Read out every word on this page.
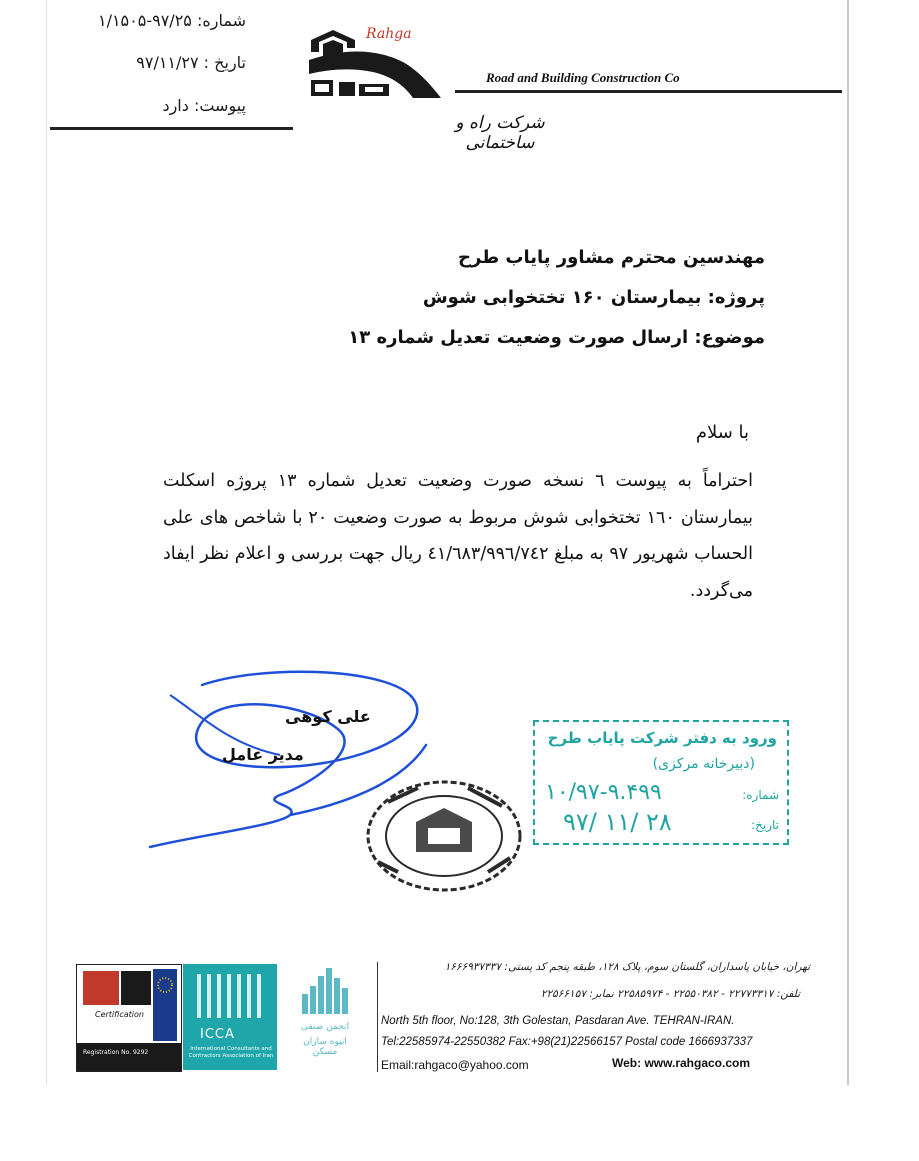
شماره: ۹۷/۲۵-۱/۱۵۰۵
تاریخ : ۹۷/۱۱/۲۷
پیوست: دارد
Rahga
Road and Building Construction Co
شرکت راه و ساختمانی
مهندسین محترم مشاور پایاب طرح
پروژه: بیمارستان ۱۶۰ تختخوابی شوش
موضوع: ارسال صورت وضعیت تعدیل شماره ۱۳
با سلام
احتراماً به پیوست ٦ نسخه صورت وضعیت تعدیل شماره ۱۳ پروژه اسکلت بیمارستان ۱٦۰ تختخوابی شوش مربوط به صورت وضعیت ۲۰ با شاخص های علی الحساب شهریور ۹۷ به مبلغ ٤۱/٦۸۳/۹۹٦/۷٤۲ ریال جهت بررسی و اعلام نظر ایفاد می‌گردد.
علی کوهی
مدیر عامل
ورود به دفتر شرکت پایاب طرح
(دبیرخانه مرکزی)
شماره:
تاریخ:
۱۰/۹۷-۹.۴۹۹
۹۷/ ۱۱/ ۲۸
Certification
Registration No. 9292
ICCA
International Consultants and Contractors Association of Iran
انجمن صنفی
انبوه سازان مسکن
تهران، خیابان پاسداران، گلستان سوم، پلاک ۱۲۸، طبقه پنجم کد پستی: ۱۶۶۶۹۳۷۳۳۷
تلفن: ۲۲۷۷۳۳۱۷ - ۲۲۵۵۰۳۸۲ - ۲۲۵۸۵۹۷۴ نمابر: ۲۲۵۶۶۱۵۷
North 5th floor, No:128, 3th Golestan, Pasdaran Ave. TEHRAN-IRAN.
Tel:22585974-22550382 Fax:+98(21)22566157 Postal code 1666937337
Email:rahgaco@yahoo.com	Web: www.rahgaco.com
